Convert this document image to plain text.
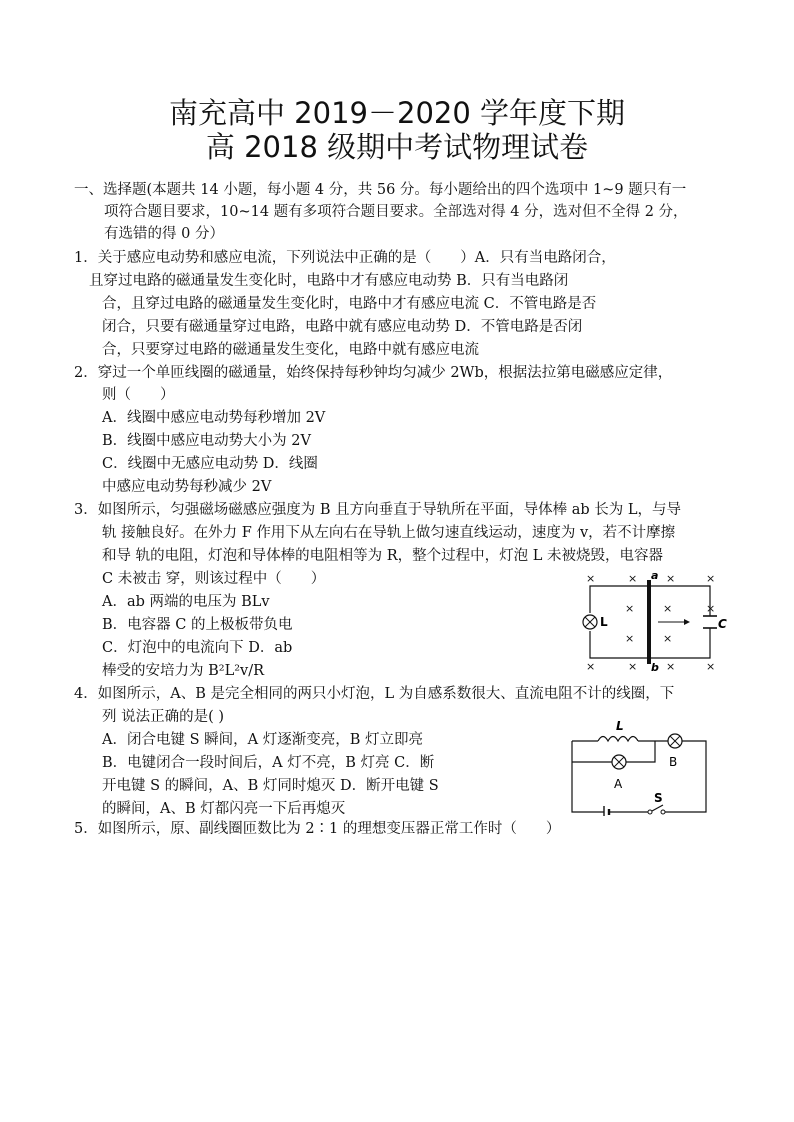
南充高中 2019－2020 学年度下期
高 2018 级期中考试物理试卷
一、选择题(本题共 14 小题，每小题 4 分，共 56 分。每小题给出的四个选项中 1~9 题只有一
项符合题目要求，10~14 题有多项符合题目要求。全部选对得 4 分，选对但不全得 2 分，
有选错的得 0 分）
1．关于感应电动势和感应电流，下列说法中正确的是（　　）A．只有当电路闭合，
且穿过电路的磁通量发生变化时，电路中才有感应电动势 B．只有当电路闭
合，且穿过电路的磁通量发生变化时，电路中才有感应电流 C．不管电路是否
闭合，只要有磁通量穿过电路，电路中就有感应电动势 D．不管电路是否闭
合，只要穿过电路的磁通量发生变化，电路中就有感应电流
2．穿过一个单匝线圈的磁通量，始终保持每秒钟均匀减少 2Wb，根据法拉第电磁感应定律，
则（　　）
A．线圈中感应电动势每秒增加 2V
B．线圈中感应电动势大小为 2V
C．线圈中无感应电动势 D．线圈
中感应电动势每秒减少 2V
3．如图所示，匀强磁场磁感应强度为 B 且方向垂直于导轨所在平面，导体棒 ab 长为 L，与导
轨 接触良好。在外力 F 作用下从左向右在导轨上做匀速直线运动，速度为 v，若不计摩擦
和导 轨的电阻，灯泡和导体棒的电阻相等为 R，整个过程中，灯泡 L 未被烧毁，电容器
C 未被击 穿，则该过程中（　　）
A．ab 两端的电压为 BLv
B．电容器 C 的上极板带负电
C．灯泡中的电流向下 D．ab
棒受的安培力为 B²L²v/R
×	×	×	×
×	×	×
×	×
×	×	×	×
L	C
a
b
4．如图所示，A、B 是完全相同的两只小灯泡，L 为自感系数很大、直流电阻不计的线圈，下
列 说法正确的是( )
A．闭合电键 S 瞬间，A 灯逐渐变亮，B 灯立即亮
B．电键闭合一段时间后，A 灯不亮，B 灯亮 C．断
开电键 S 的瞬间，A、B 灯同时熄灭 D．断开电键 S
的瞬间，A、B 灯都闪亮一下后再熄灭
L
B
A
S
5．如图所示，原、副线圈匝数比为 2∶1 的理想变压器正常工作时（　　）
